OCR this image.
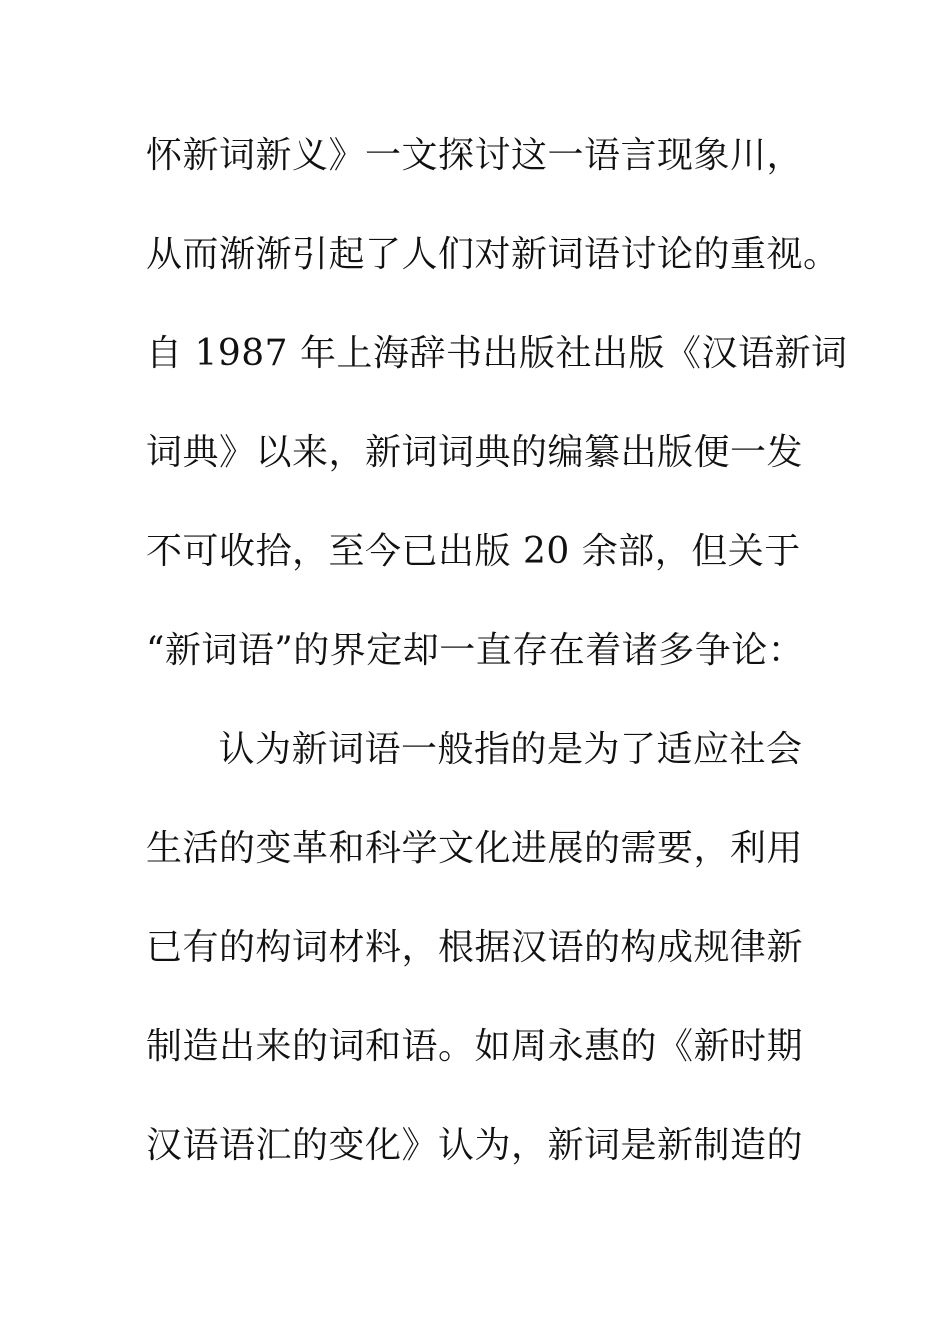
怀新词新义》一文探讨这一语言现象川，
从而渐渐引起了人们对新词语讨论的重视。
自 1987 年上海辞书出版社出版《汉语新词
词典》以来，新词词典的编纂出版便一发
不可收拾，至今已出版 20 余部，但关于
“新词语”的界定却一直存在着诸多争论：
　认为新词语一般指的是为了适应社会
生活的变革和科学文化进展的需要，利用
已有的构词材料，根据汉语的构成规律新
制造出来的词和语。如周永惠的《新时期
汉语语汇的变化》认为，新词是新制造的
